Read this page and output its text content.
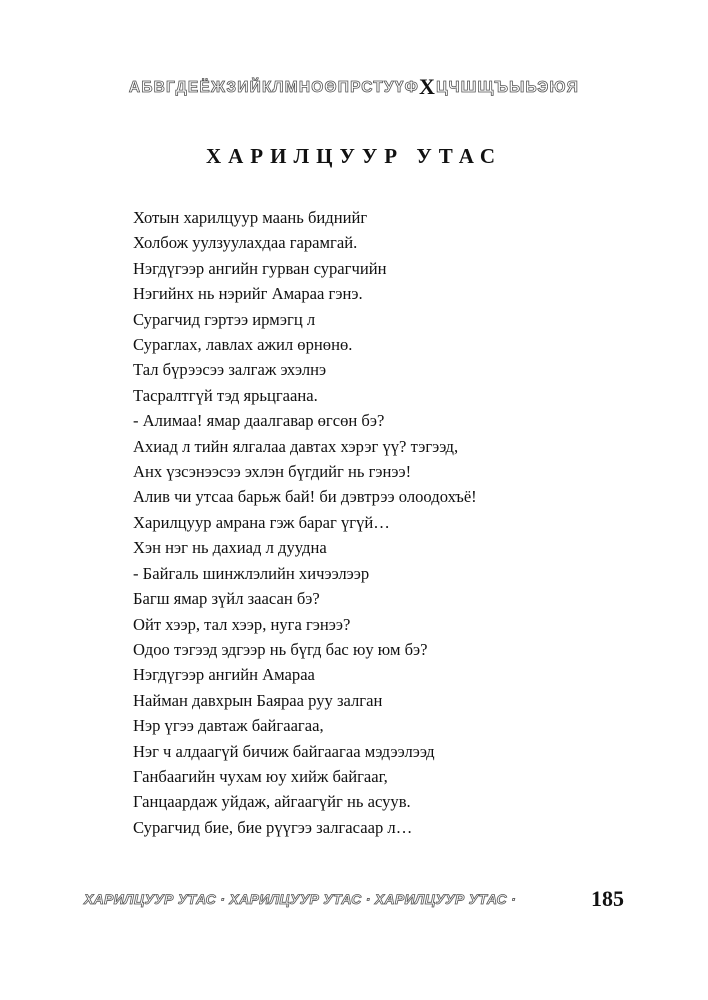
АБВГДЕЁЖЗИЙКЛМНОӨПРСТУҮФХЦЧШЩЪЫЬЭЮЯ
ХАРИЛЦУУР УТАС
Хотын харилцуур маань биднийг
Холбож уулзуулахдаа гарамгай.
Нэгдүгээр ангийн гурван сурагчийн
Нэгийнх нь нэрийг Амараа гэнэ.
Сурагчид гэртээ ирмэгц л
Сураглах, лавлах ажил өрнөнө.
Тал бүрээсээ залгаж эхэлнэ
Тасралтгүй тэд ярьцгаана.
- Алимаа! ямар даалгавар өгсөн бэ?
Ахиад л тийн ялгалаа давтах хэрэг үү? тэгээд,
Анх үзсэнээсээ эхлэн бүгдийг нь гэнээ!
Алив чи утсаа барьж бай! би дэвтрээ олоодохъё!
Харилцуур амрана гэж бараг үгүй…
Хэн нэг нь дахиад л дуудна
- Байгаль шинжлэлийн хичээлээр
Багш ямар зүйл заасан бэ?
Ойт хээр, тал хээр, нуга гэнээ?
Одоо тэгээд эдгээр нь бүгд бас юу юм бэ?
Нэгдүгээр ангийн Амараа
Найман давхрын Баяраа руу залган
Нэр үгээ давтаж байгаагаа,
Нэг ч алдаагүй бичиж байгаагаа мэдээлээд
Ганбаагийн чухам юу хийж байгааг,
Ганцаардаж уйдаж, айгаагүйг нь асуув.
Сурагчид бие, бие рүүгээ залгасаар л…
ХАРИЛЦУУР УТАС · ХАРИЛЦУУР УТАС · ХАРИЛЦУУР УТАС ·	185
